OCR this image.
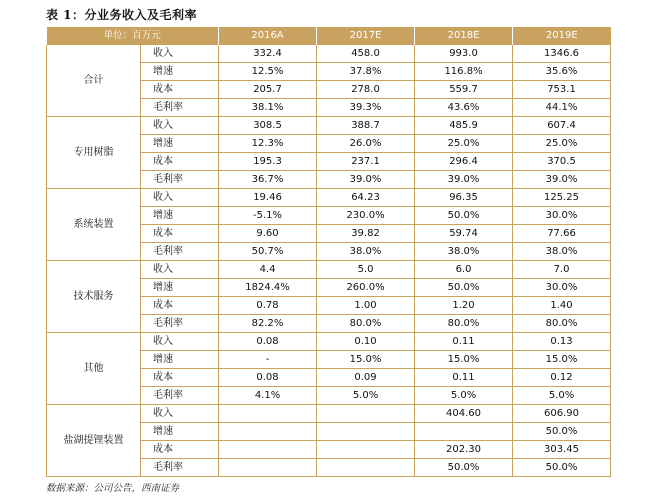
表 1：分业务收入及毛利率
单位：百万元		2016A	2017E	2018E	2019E
合计	收入	332.4	458.0	993.0	1346.6
	增速	12.5%	37.8%	116.8%	35.6%
	成本	205.7	278.0	559.7	753.1
	毛利率	38.1%	39.3%	43.6%	44.1%
专用树脂	收入	308.5	388.7	485.9	607.4
	增速	12.3%	26.0%	25.0%	25.0%
	成本	195.3	237.1	296.4	370.5
	毛利率	36.7%	39.0%	39.0%	39.0%
系统装置	收入	19.46	64.23	96.35	125.25
	增速	-5.1%	230.0%	50.0%	30.0%
	成本	9.60	39.82	59.74	77.66
	毛利率	50.7%	38.0%	38.0%	38.0%
技术服务	收入	4.4	5.0	6.0	7.0
	增速	1824.4%	260.0%	50.0%	30.0%
	成本	0.78	1.00	1.20	1.40
	毛利率	82.2%	80.0%	80.0%	80.0%
其他	收入	0.08	0.10	0.11	0.13
	增速	-	15.0%	15.0%	15.0%
	成本	0.08	0.09	0.11	0.12
	毛利率	4.1%	5.0%	5.0%	5.0%
盐湖提锂装置	收入			404.60	606.90
	增速				50.0%
	成本			202.30	303.45
	毛利率			50.0%	50.0%
数据来源：公司公告，西南证券
